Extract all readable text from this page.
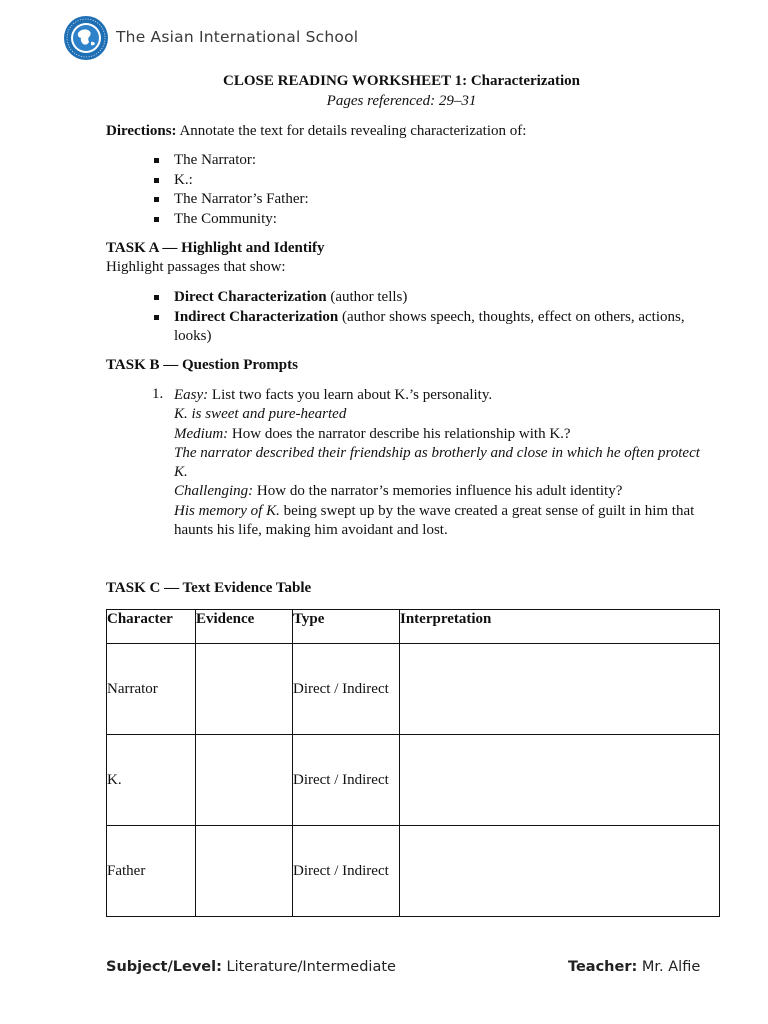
The Asian International School
CLOSE READING WORKSHEET 1: Characterization
Pages referenced: 29–31
Directions: Annotate the text for details revealing characterization of:
The Narrator:
K.:
The Narrator’s Father:
The Community:
TASK A — Highlight and Identify
Highlight passages that show:
Direct Characterization (author tells)
Indirect Characterization (author shows speech, thoughts, effect on others, actions, looks)
TASK B — Question Prompts
1. Easy: List two facts you learn about K.’s personality.
K. is sweet and pure-hearted
Medium: How does the narrator describe his relationship with K.?
The narrator described their friendship as brotherly and close in which he often protect K.
Challenging: How do the narrator’s memories influence his adult identity?
His memory of K. being swept up by the wave created a great sense of guilt in him that haunts his life, making him avoidant and lost.
TASK C — Text Evidence Table
Character	Evidence	Type	Interpretation
Narrator		Direct / Indirect	
K.		Direct / Indirect	
Father		Direct / Indirect	
Subject/Level: Literature/Intermediate	Teacher: Mr. Alfie
